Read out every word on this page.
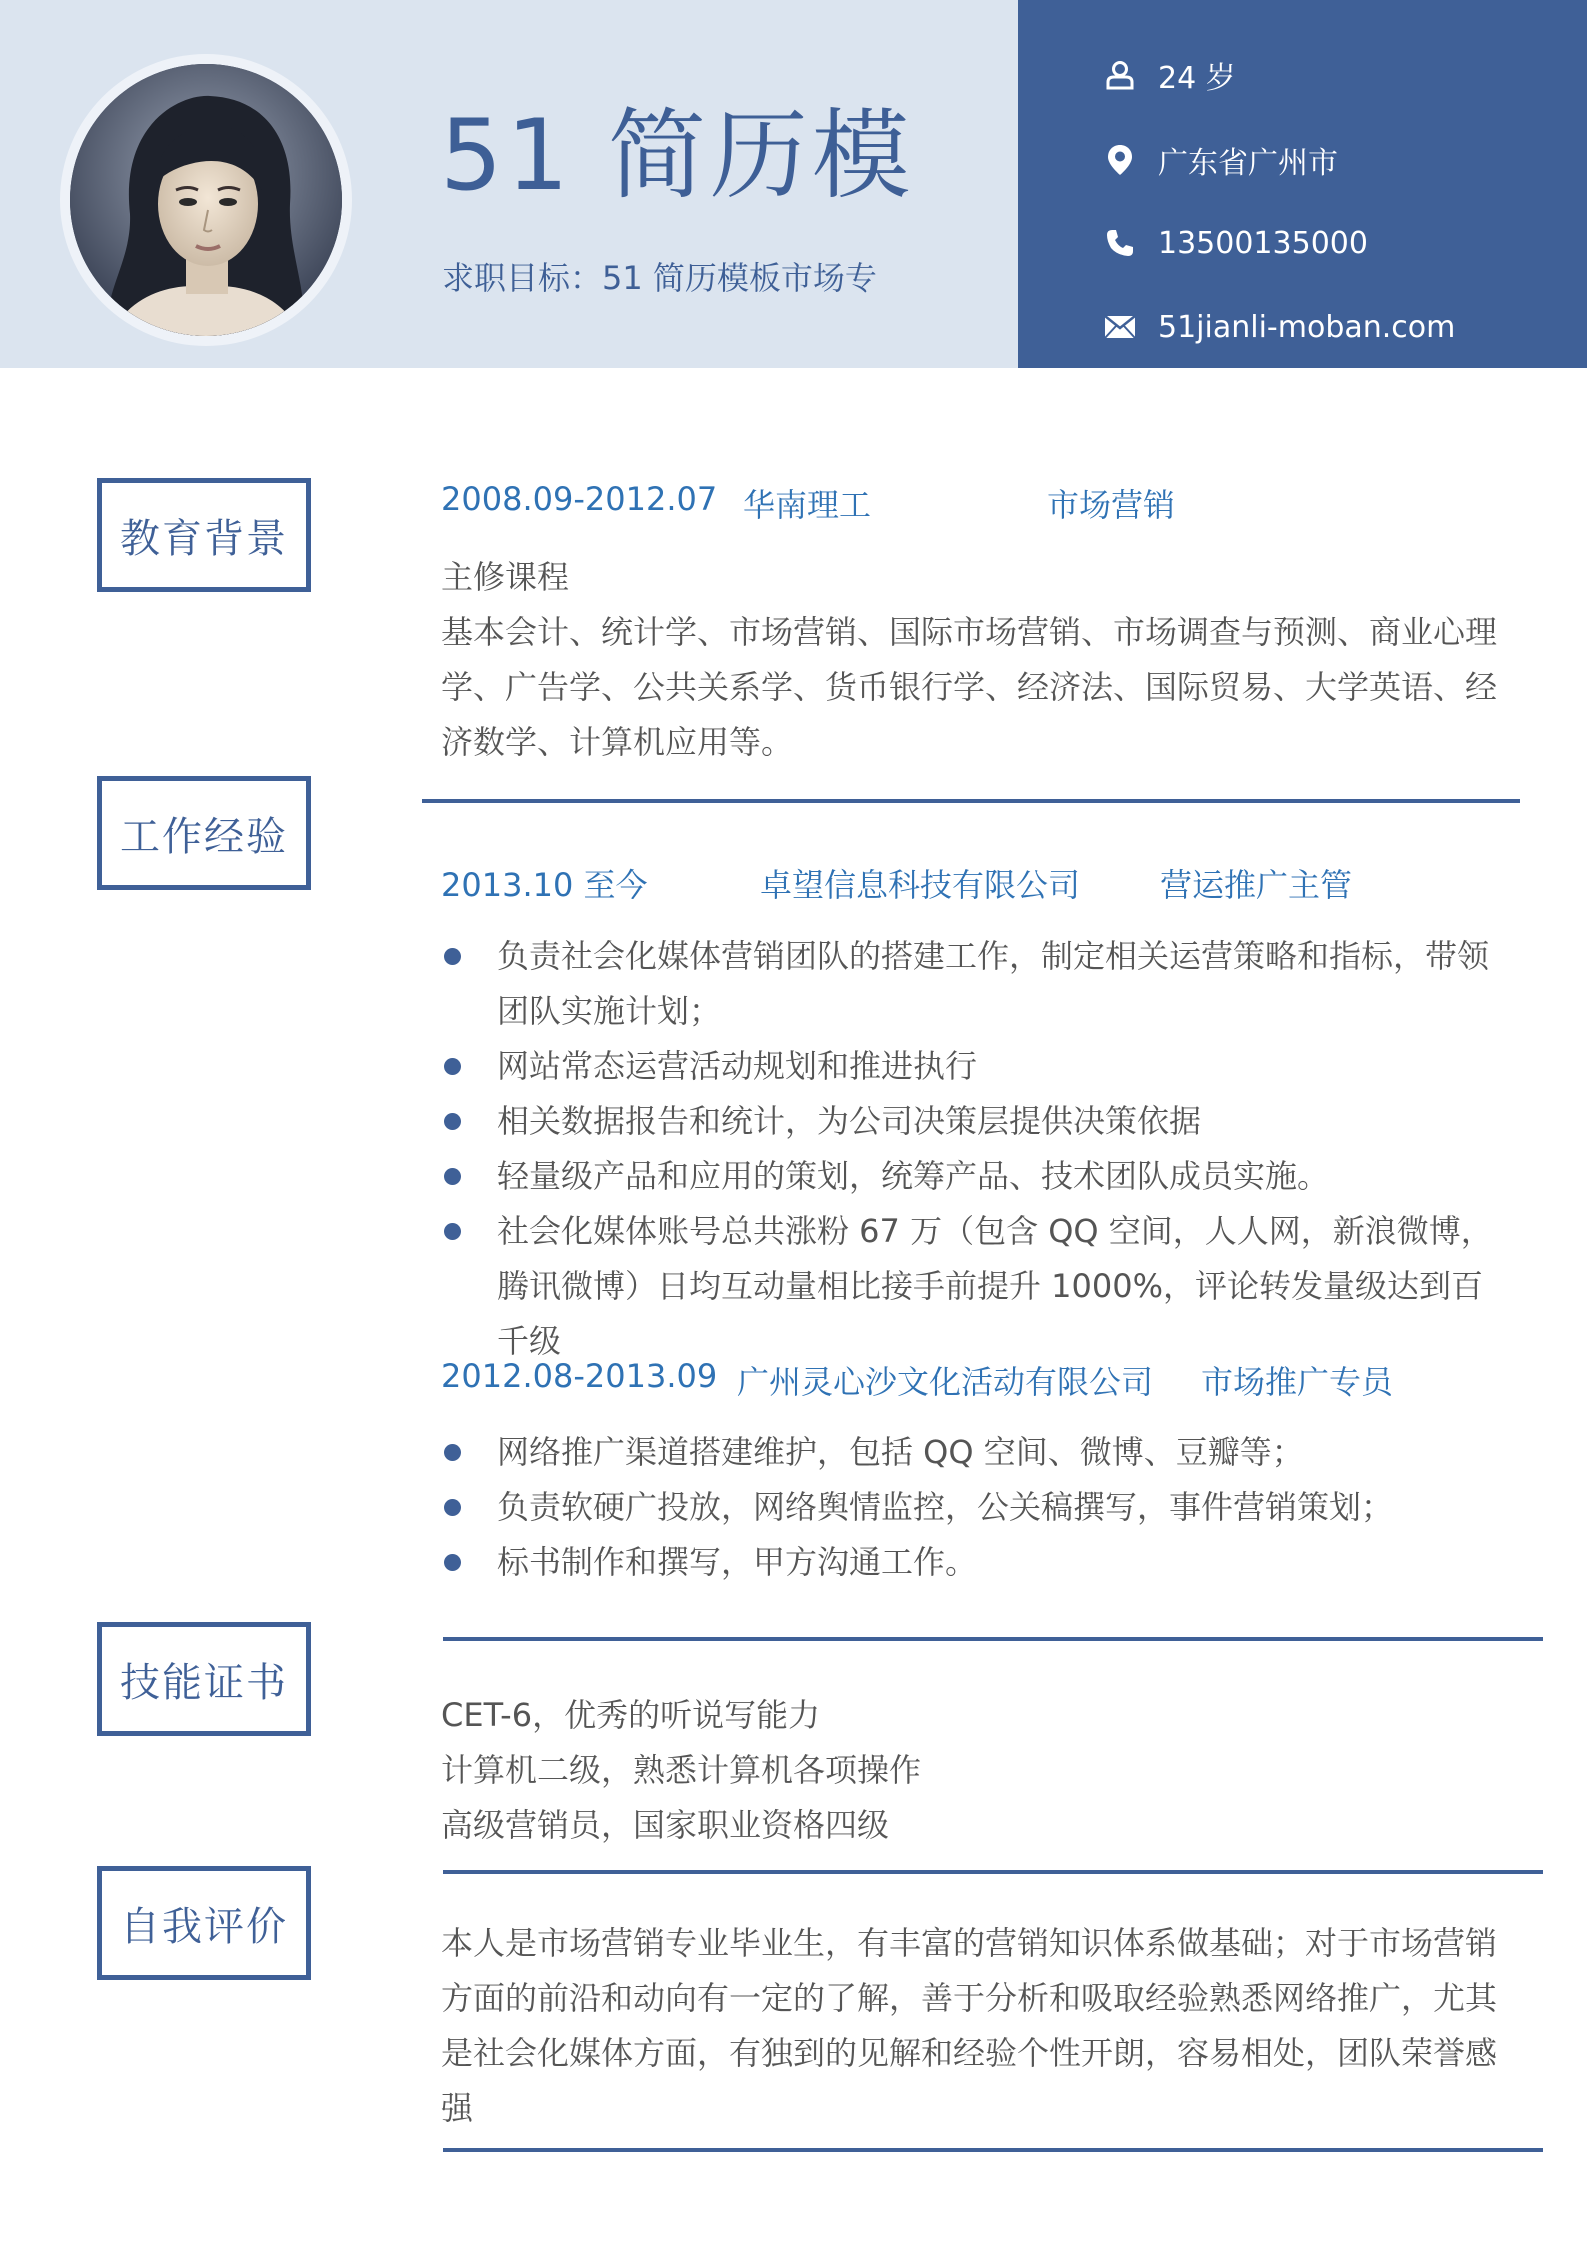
51 简历模
求职目标：51 简历模板市场专
24 岁
广东省广州市
13500135000
51jianli-moban.com
教育背景
2008.09-2012.07 华南理工	市场营销

主修课程

基本会计、统计学、市场营销、国际市场营销、市场调查与预测、商业心理学、广告学、公共关系学、货币银行学、经济法、国际贸易、大学英语、经济数学、计算机应用等。

工作经验
2013.10 至今	卓望信息科技有限公司 营运推广主管
负责社会化媒体营销团队的搭建工作，制定相关运营策略和指标，带领团队实施计划；
网站常态运营活动规划和推进执行
相关数据报告和统计，为公司决策层提供决策依据
轻量级产品和应用的策划，统筹产品、技术团队成员实施。
社会化媒体账号总共涨粉 67 万（包含 QQ 空间，人人网，新浪微博，腾讯微博）日均互动量相比接手前提升 1000%，评论转发量级达到百千级
2012.08-2013.09 广州灵心沙文化活动有限公司 市场推广专员
网络推广渠道搭建维护，包括 QQ 空间、微博、豆瓣等；
负责软硬广投放，网络舆情监控，公关稿撰写，事件营销策划；
标书制作和撰写，甲方沟通工作。
技能证书

CET-6，优秀的听说写能力

计算机二级，熟悉计算机各项操作

高级营销员，国家职业资格四级

自我评价	本人是市场营销专业毕业生，有丰富的营销知识体系做基础；对于市场营销方面的前沿和动向有一定的了解，善于分析和吸取经验熟悉网络推广，尤其是社会化媒体方面，有独到的见解和经验个性开朗，容易相处，团队荣誉感强
